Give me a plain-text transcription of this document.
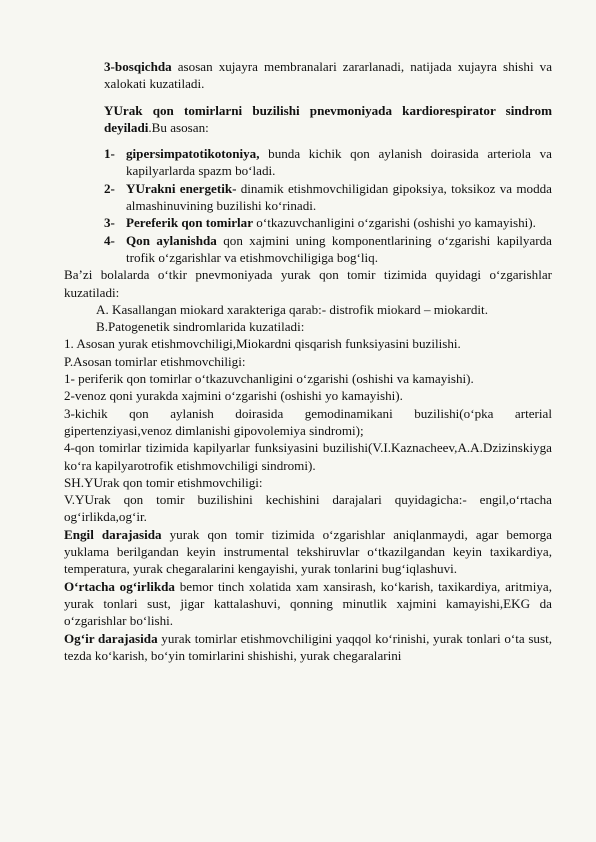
3-bosqichda asosan xujayra membranalari zararlanadi, natijada xujayra shishi va xalokati kuzatiladi.

YUrak qon tomirlarni buzilishi pnevmoniyada kardiorespirator sindrom deyiladi.Bu asosan:

1- gipersimpatotikotoniya, bunda kichik qon aylanish doirasida arteriola va kapilyarlarda spazm bo‘ladi.
2- YUrakni energetik- dinamik etishmovchiligidan gipoksiya, toksikoz va modda almashinuvining buzilishi ko‘rinadi.
3- Pereferik qon tomirlar o‘tkazuvchanligini o‘zgarishi (oshishi yo kamayishi).
4- Qon aylanishda qon xajmini uning komponentlarining o‘zgarishi kapilyarda trofik o‘zgarishlar va etishmovchiligiga bog‘liq.

Ba’zi bolalarda o‘tkir pnevmoniyada yurak qon tomir tizimida quyidagi o‘zgarishlar kuzatiladi:

A. Kasallangan miokard xarakteriga qarab:- distrofik miokard – miokardit.

B.Patogenetik sindromlarida kuzatiladi:

1. Asosan yurak etishmovchiligi,Miokardni qisqarish funksiyasini buzilishi.

P.Asosan tomirlar etishmovchiligi:

1- periferik qon tomirlar o‘tkazuvchanligini o‘zgarishi (oshishi va kamayishi).

2-venoz qoni yurakda xajmini o‘zgarishi (oshishi yo kamayishi).

3-kichik qon aylanish doirasida gemodinamikani buzilishi(o‘pka arterial gipertenziyasi,venoz dimlanishi gipovolemiya sindromi);

4-qon tomirlar tizimida kapilyarlar funksiyasini buzilishi(V.I.Kaznacheev,A.A.Dzizinskiyga ko‘ra kapilyarotrofik etishmovchiligi sindromi).

SH.YUrak qon tomir etishmovchiligi:

V.YUrak qon tomir buzilishini kechishini darajalari quyidagicha:- engil,o‘rtacha og‘irlikda,og‘ir.

Engil darajasida yurak qon tomir tizimida o‘zgarishlar aniqlanmaydi, agar bemorga yuklama berilgandan keyin instrumental tekshiruvlar o‘tkazilgandan keyin taxikardiya, temperatura, yurak chegaralarini kengayishi, yurak tonlarini bug‘iqlashuvi.

O‘rtacha og‘irlikda bemor tinch xolatida xam xansirash, ko‘karish, taxikardiya, aritmiya, yurak tonlari sust, jigar kattalashuvi, qonning minutlik xajmini kamayishi,EKG da o‘zgarishlar bo‘lishi.

Og‘ir darajasida yurak tomirlar etishmovchiligini yaqqol ko‘rinishi, yurak tonlari o‘ta sust, tezda ko‘karish, bo‘yin tomirlarini shishishi, yurak chegaralarini
